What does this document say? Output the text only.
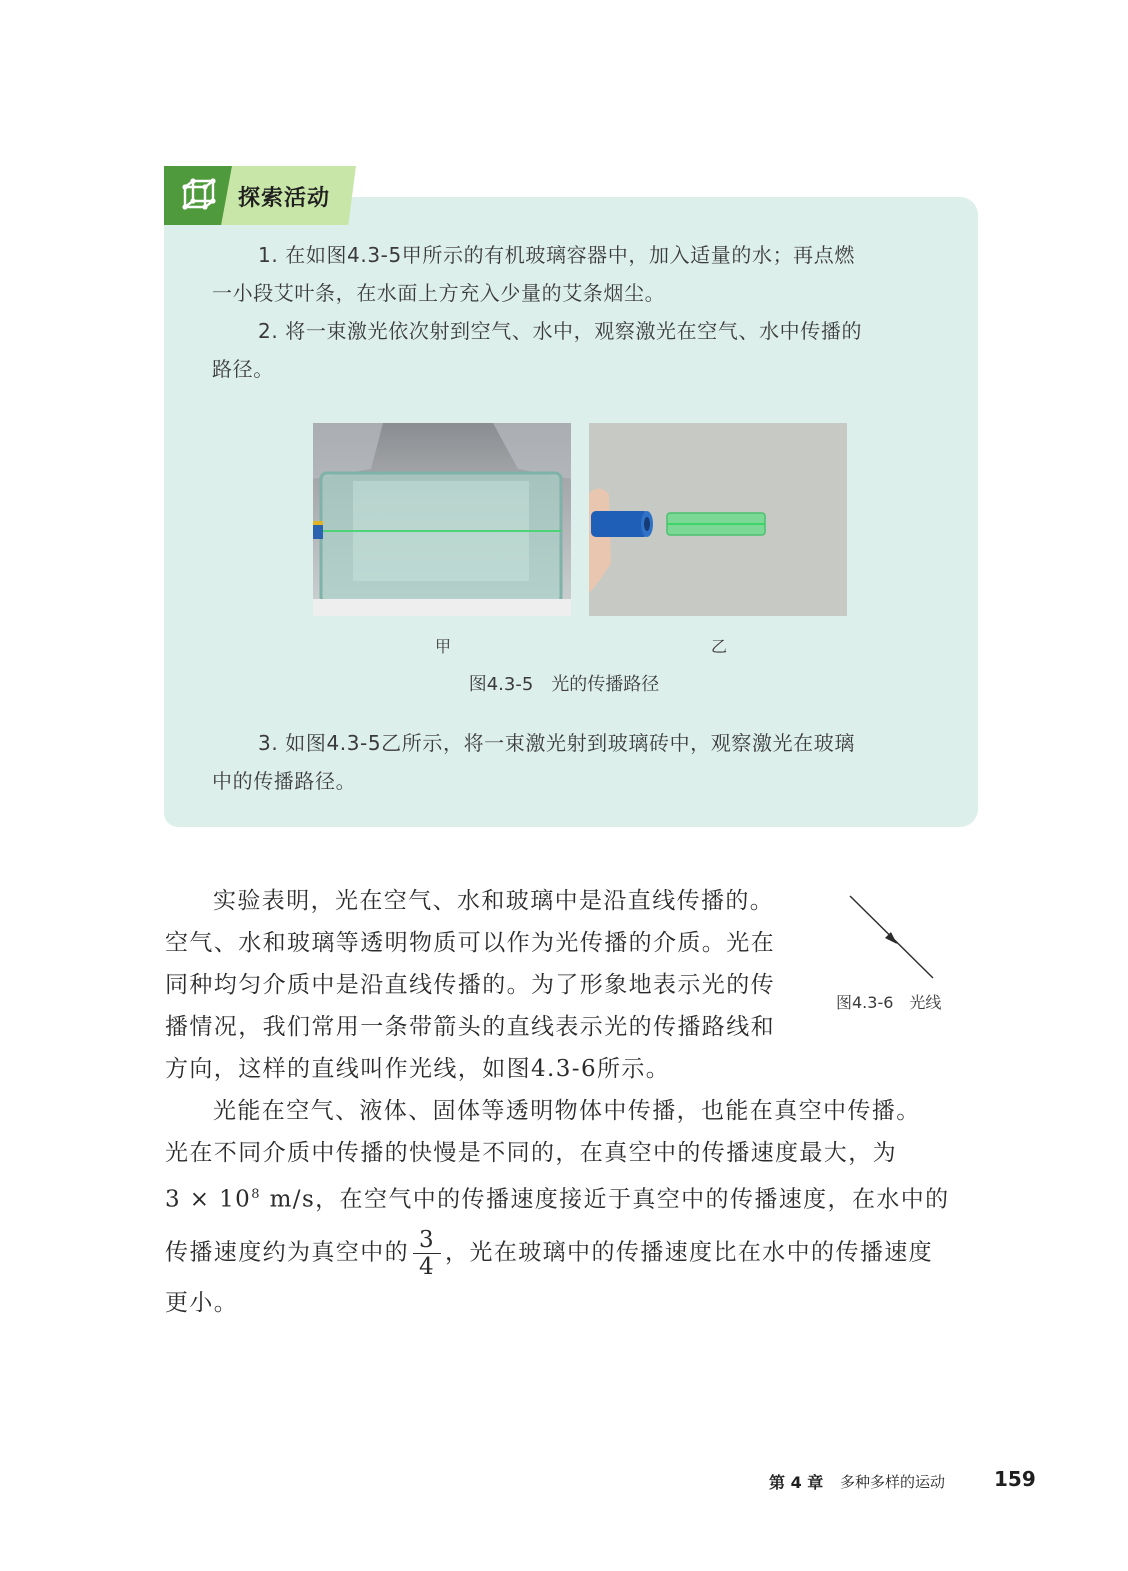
探索活动
1. 在如图4.3-5甲所示的有机玻璃容器中，加入适量的水；再点燃
一小段艾叶条，在水面上方充入少量的艾条烟尘。
2. 将一束激光依次射到空气、水中，观察激光在空气、水中传播的
路径。
甲	乙
图4.3-5　光的传播路径
3. 如图4.3-5乙所示，将一束激光射到玻璃砖中，观察激光在玻璃
中的传播路径。
实验表明，光在空气、水和玻璃中是沿直线传播的。
空气、水和玻璃等透明物质可以作为光传播的介质。光在
同种均匀介质中是沿直线传播的。为了形象地表示光的传
播情况，我们常用一条带箭头的直线表示光的传播路线和
方向，这样的直线叫作光线，如图4.3-6所示。
图4.3-6　光线
光能在空气、液体、固体等透明物体中传播，也能在真空中传播。
光在不同介质中传播的快慢是不同的，在真空中的传播速度最大，为
$3 \times 10^8$ m/s，在空气中的传播速度接近于真空中的传播速度，在水中的
传播速度约为真空中的 $\frac{3}{4}$ ，光在玻璃中的传播速度比在水中的传播速度
更小。
第 4 章 多种多样的运动 159
